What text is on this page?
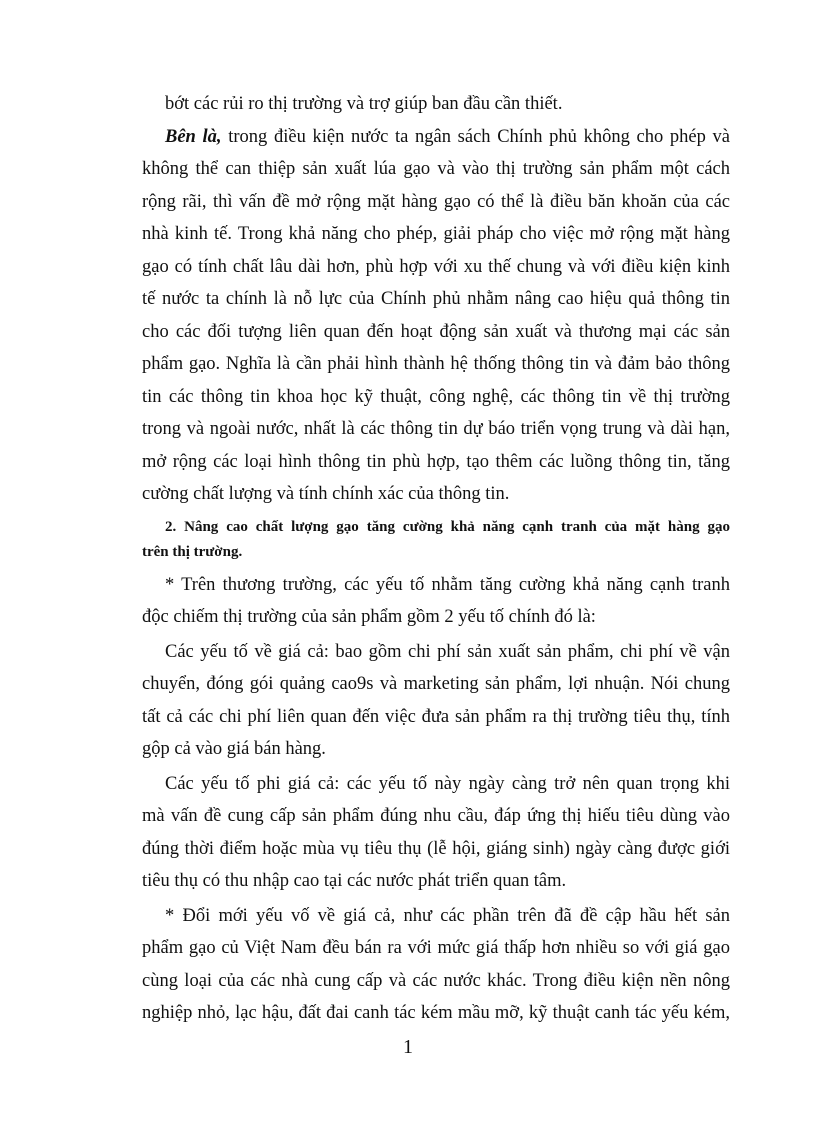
bớt các rủi ro thị trường và trợ giúp ban đầu cần thiết.
Bên là, trong điều kiện nước ta ngân sách Chính phủ không cho phép và
không thể can thiệp sản xuất lúa gạo và vào thị trường sản phẩm một cách
rộng rãi, thì vấn đề mở rộng mặt hàng gạo có thể là điều băn khoăn của các
nhà kinh tế. Trong khả năng cho phép, giải pháp cho việc mở rộng mặt hàng
gạo có tính chất lâu dài hơn, phù hợp với xu thế chung và với điều kiện kinh
tế nước ta chính là nỗ lực của Chính phủ nhằm nâng cao hiệu quả thông tin
cho các đối tượng liên quan đến hoạt động sản xuất và thương mại các sản
phẩm gạo. Nghĩa là cần phải hình thành hệ thống thông tin và đảm bảo thông
tin các thông tin khoa học kỹ thuật, công nghệ, các thông tin về thị trường
trong và ngoài nước, nhất là các thông tin dự báo triển vọng trung và dài hạn,
mở rộng các loại hình thông tin phù hợp, tạo thêm các luồng thông tin, tăng
cường chất lượng và tính chính xác của thông tin.
2. Nâng cao chất lượng gạo tăng cường khả năng cạnh tranh của mặt hàng gạo
trên thị trường.
* Trên thương trường, các yếu tố nhằm tăng cường khả năng cạnh tranh
độc chiếm thị trường của sản phẩm gồm 2 yếu tố chính đó là:
Các yếu tố về giá cả: bao gồm chi phí sản xuất sản phẩm, chi phí về vận
chuyển, đóng gói quảng cao9s và marketing sản phẩm, lợi nhuận. Nói chung
tất cả các chi phí liên quan đến việc đưa sản phẩm ra thị trường tiêu thụ, tính
gộp cả vào giá bán hàng.
Các yếu tố phi giá cả: các yếu tố này ngày càng trở nên quan trọng khi
mà vấn đề cung cấp sản phẩm đúng nhu cầu, đáp ứng thị hiếu tiêu dùng vào
đúng thời điểm hoặc mùa vụ tiêu thụ (lễ hội, giáng sinh) ngày càng được giới
tiêu thụ có thu nhập cao tại các nước phát triển quan tâm.
* Đổi mới yếu vố về giá cả, như các phần trên đã đề cập hầu hết sản
phẩm gạo củ Việt Nam đều bán ra với mức giá thấp hơn nhiều so với giá gạo
cùng loại của các nhà cung cấp và các nước khác. Trong điều kiện nền nông
nghiệp nhỏ, lạc hậu, đất đai canh tác kém mầu mỡ, kỹ thuật canh tác yếu kém,
1
